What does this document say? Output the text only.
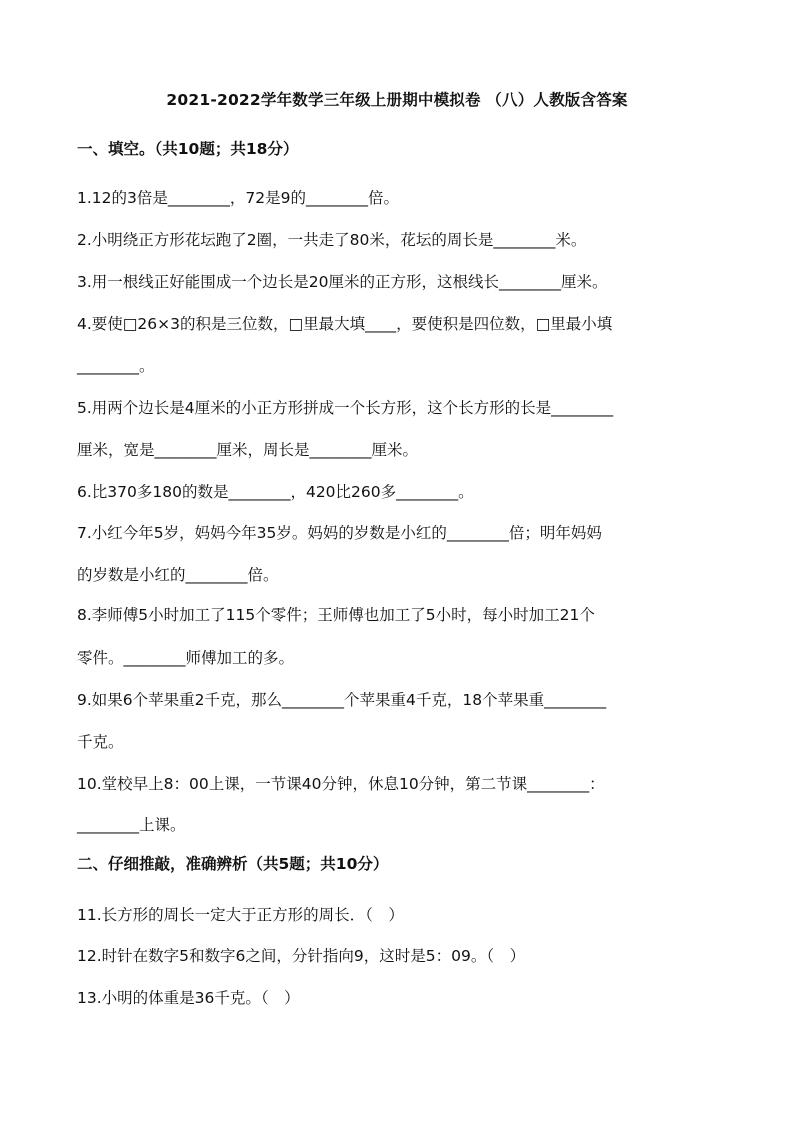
2021-2022学年数学三年级上册期中模拟卷 （八）人教版含答案
一、填空。（共10题；共18分）
1.12的3倍是________，72是9的________倍。
2.小明绕正方形花坛跑了2圈，一共走了80米，花坛的周长是________米。
3.用一根线正好能围成一个边长是20厘米的正方形，这根线长________厘米。
4.要使□26×3的积是三位数，□里最大填____，要使积是四位数，□里最小填
________。
5.用两个边长是4厘米的小正方形拼成一个长方形，这个长方形的长是________
厘米，宽是________厘米，周长是________厘米。
6.比370多180的数是________，420比260多________。
7.小红今年5岁，妈妈今年35岁。妈妈的岁数是小红的________倍；明年妈妈
的岁数是小红的________倍。
8.李师傅5小时加工了115个零件；王师傅也加工了5小时，每小时加工21个
零件。________师傅加工的多。
9.如果6个苹果重2千克，那么________个苹果重4千克，18个苹果重________
千克。
10.堂校早上8：00上课，一节课40分钟，休息10分钟，第二节课________：
________上课。
二、仔细推敲，准确辨析（共5题；共10分）
11.长方形的周长一定大于正方形的周长．（　）
12.时针在数字5和数字6之间，分针指向9，这时是5：09。（　）
13.小明的体重是36千克。（　）
